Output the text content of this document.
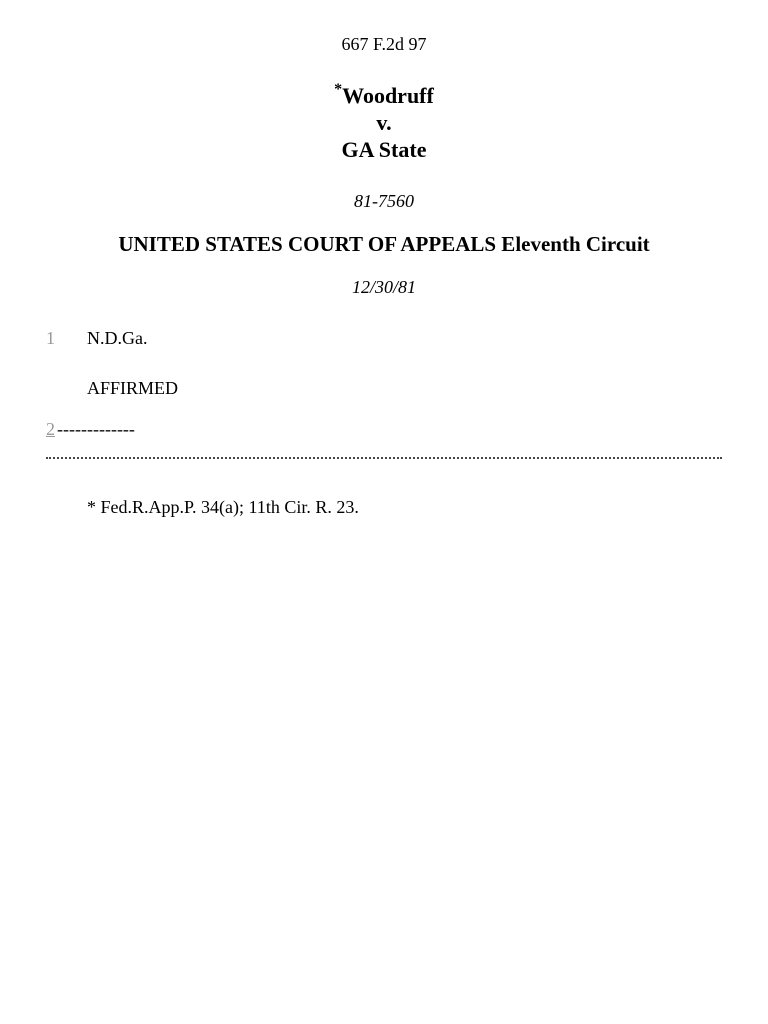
667 F.2d 97
*Woodruff
v.
GA State
81-7560
UNITED STATES COURT OF APPEALS Eleventh Circuit
12/30/81
1 N.D.Ga.
AFFIRMED
2 -------------
* Fed.R.App.P. 34(a); 11th Cir. R. 23.
